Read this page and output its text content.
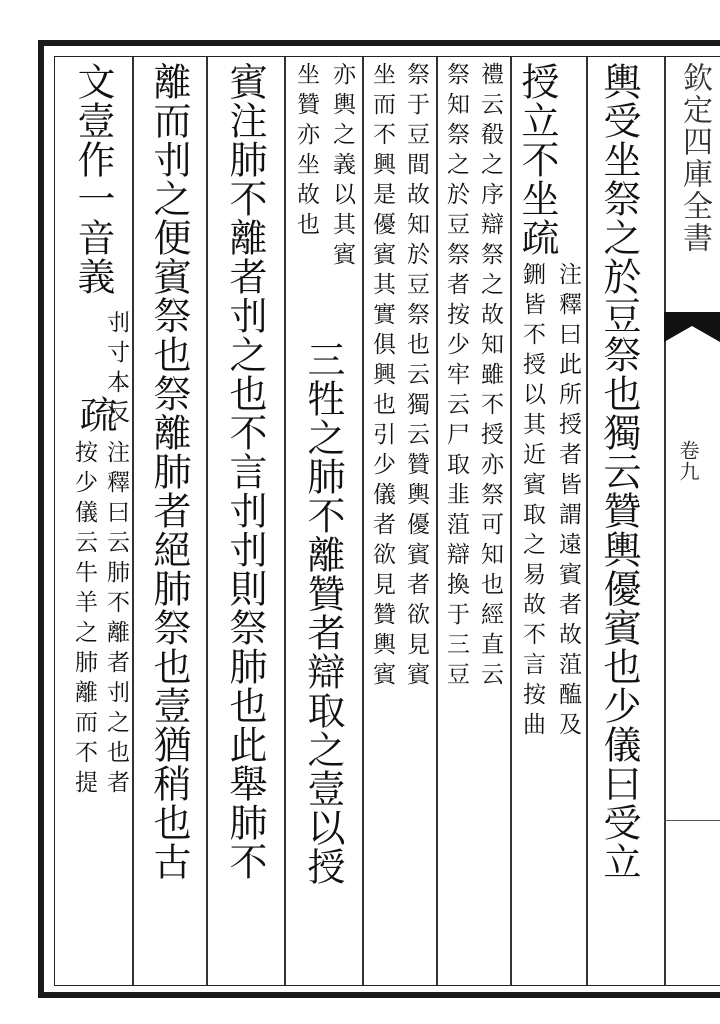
欽定四庫全書
卷九
輿受坐祭之於豆祭也獨云贊輿優賓也少儀曰受立
授立不坐疏
注釋曰此所授者皆謂遠賓者故菹醢及
鉶皆不授以其近賓取之易故不言按曲
禮云殽之序辯祭之故知雖不授亦祭可知也經直云
祭知祭之於豆祭者按少牢云尸取韭菹辯換于三豆
祭于豆間故知於豆祭也云獨云贊輿優賓者欲見賓
坐而不興是優賓其實俱興也引少儀者欲見贊輿賓
亦輿之義以其賓
坐贊亦坐故也
三牲之肺不離贊者辯取之壹以授
賓注肺不離者刌之也不言刌刌則祭肺也此舉肺不
離而刌之便賓祭也祭離肺者絕肺祭也壹猶稍也古
文壹作一音義
刌寸本反
疏
注釋曰云肺不離者刌之也者
按少儀云牛羊之肺離而不提
